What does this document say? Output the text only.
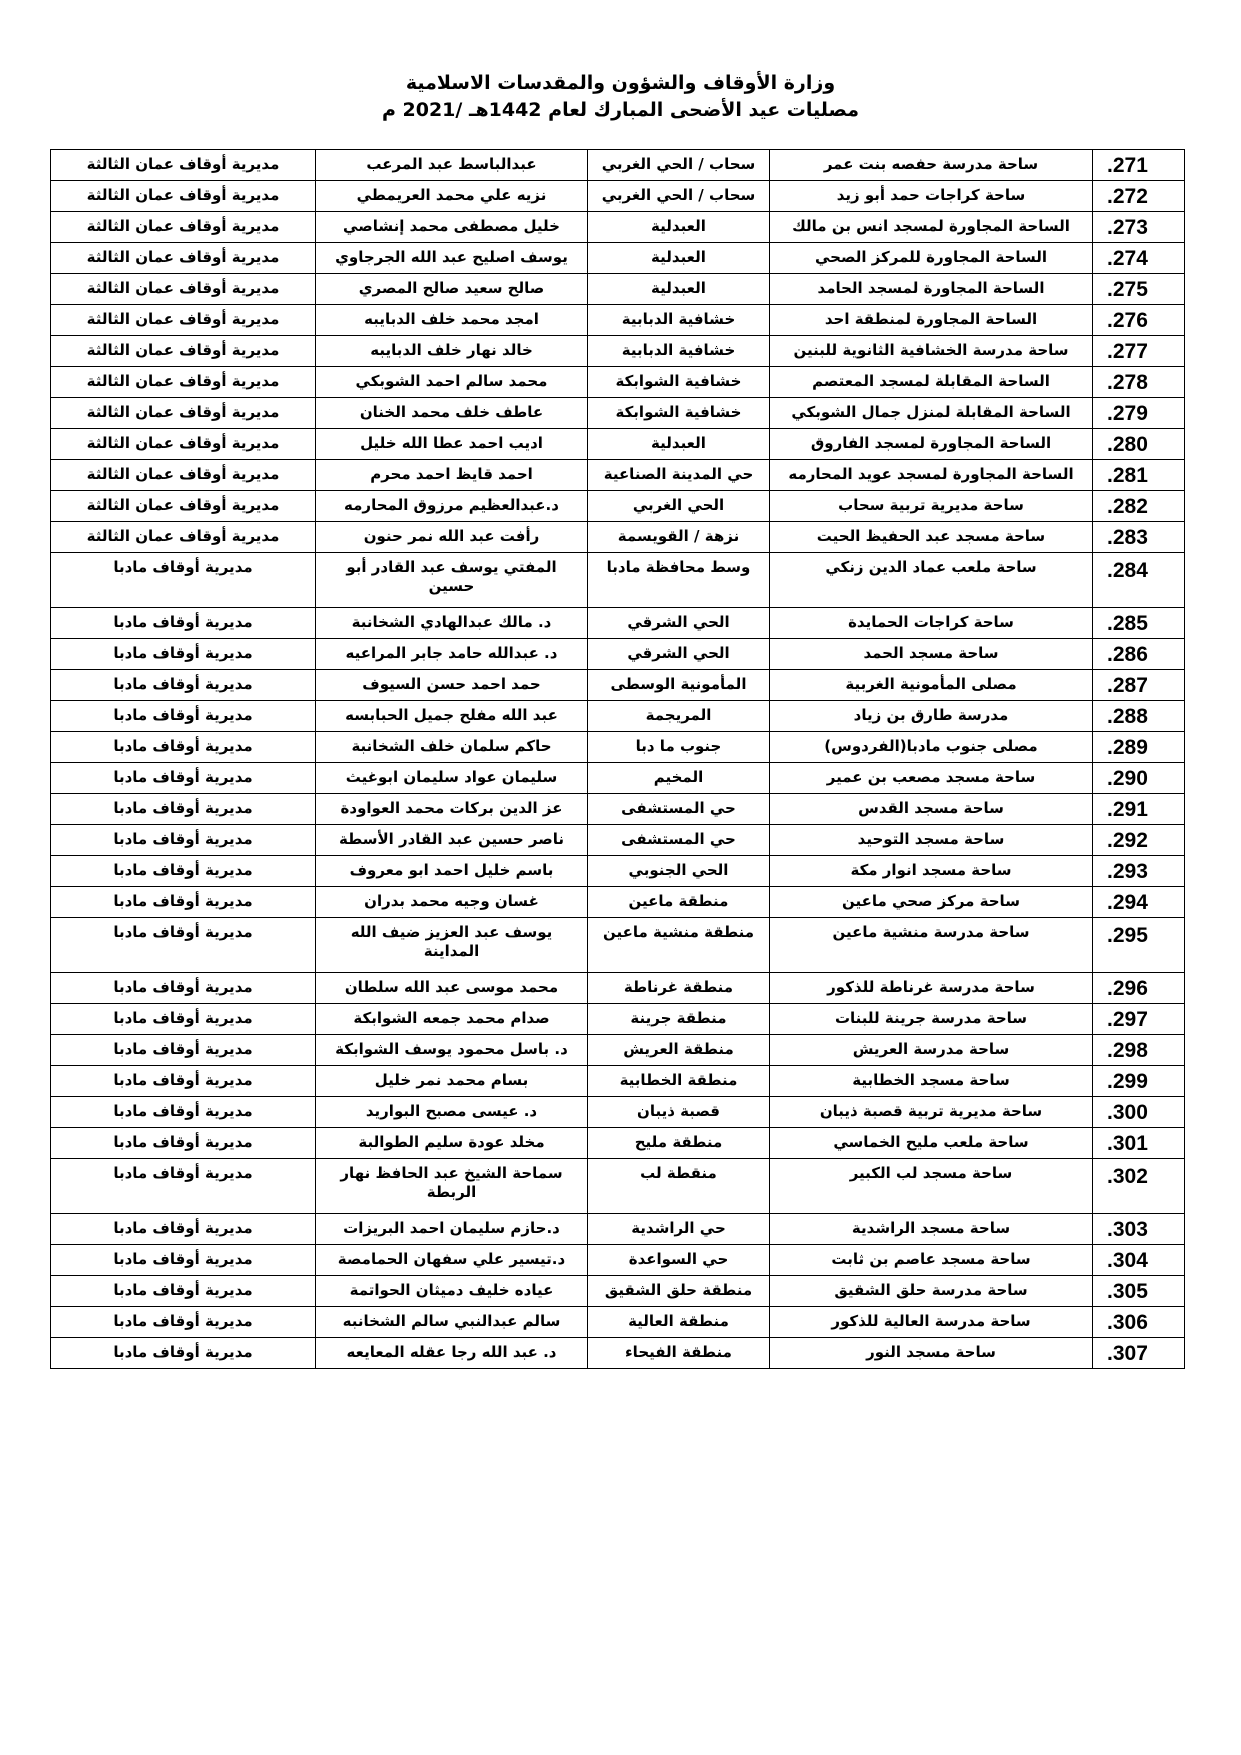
وزارة الأوقاف والشؤون والمقدسات الاسلامية
مصليات عيد الأضحى المبارك لعام 1442هـ /2021 م
.271	ساحة مدرسة حفصه بنت عمر	سحاب / الحي الغربي	عبدالباسط عبد المرعب	مديرية أوقاف عمان الثالثة
.272	ساحة كراجات حمد أبو زيد	سحاب / الحي الغربي	نزيه علي محمد العريمطي	مديرية أوقاف عمان الثالثة
.273	الساحة المجاورة لمسجد انس بن مالك	العبدلية	خليل مصطفى محمد إنشاصي	مديرية أوقاف عمان الثالثة
.274	الساحة المجاورة للمركز الصحي	العبدلية	يوسف اصليح عبد الله الجرجاوي	مديرية أوقاف عمان الثالثة
.275	الساحة المجاورة لمسجد الحامد	العبدلية	صالح سعيد صالح المصري	مديرية أوقاف عمان الثالثة
.276	الساحة المجاورة لمنطقة احد	خشافية الدبابية	امجد محمد خلف الدبايبه	مديرية أوقاف عمان الثالثة
.277	ساحة مدرسة الخشافية الثانوية للبنين	خشافية الدبابية	خالد نهار خلف الدبايبه	مديرية أوقاف عمان الثالثة
.278	الساحة المقابلة لمسجد المعتصم	خشافية الشوابكة	محمد سالم احمد الشوبكي	مديرية أوقاف عمان الثالثة
.279	الساحة المقابلة لمنزل جمال الشوبكي	خشافية الشوابكة	عاطف خلف محمد الخنان	مديرية أوقاف عمان الثالثة
.280	الساحة المجاورة لمسجد الفاروق	العبدلية	اديب احمد عطا الله خليل	مديرية أوقاف عمان الثالثة
.281	الساحة المجاورة لمسجد عويد المحارمه	حي المدينة الصناعية	احمد قايظ احمد محرم	مديرية أوقاف عمان الثالثة
.282	ساحة مديرية تربية سحاب	الحي الغربي	د.عبدالعظيم مرزوق المحارمه	مديرية أوقاف عمان الثالثة
.283	ساحة مسجد عبد الحفيظ الحيت	نزهة / القويسمة	رأفت عبد الله نمر حنون	مديرية أوقاف عمان الثالثة
.284	ساحة ملعب عماد الدين زنكي	وسط محافظة مادبا	المفتي يوسف عبد القادر أبو حسين	مديرية أوقاف مادبا
.285	ساحة كراجات الحمايدة	الحي الشرقي	د. مالك عبدالهادي الشخانبة	مديرية أوقاف مادبا
.286	ساحة مسجد الحمد	الحي الشرقي	د. عبدالله حامد جابر المراعيه	مديرية أوقاف مادبا
.287	مصلى المأمونية الغربية	المأمونية الوسطى	حمد احمد حسن السيوف	مديرية أوقاف مادبا
.288	مدرسة طارق بن زياد	المريجمة	عبد الله مفلح جميل الحبابسه	مديرية أوقاف مادبا
.289	مصلى جنوب مادبا(الفردوس)	جنوب ما دبا	حاكم سلمان خلف الشخانبة	مديرية أوقاف مادبا
.290	ساحة مسجد مصعب بن عمير	المخيم	سليمان عواد سليمان ابوغيث	مديرية أوقاف مادبا
.291	ساحة مسجد القدس	حي المستشفى	عز الدين بركات محمد العواودة	مديرية أوقاف مادبا
.292	ساحة مسجد التوحيد	حي المستشفى	ناصر حسين عبد القادر الأسطة	مديرية أوقاف مادبا
.293	ساحة مسجد انوار مكة	الحي الجنوبي	باسم خليل احمد ابو معروف	مديرية أوقاف مادبا
.294	ساحة مركز صحي ماعين	منطقة ماعين	غسان وجيه محمد بدران	مديرية أوقاف مادبا
.295	ساحة مدرسة منشية ماعين	منطقة منشية ماعين	يوسف عبد العزيز ضيف الله المداينة	مديرية أوقاف مادبا
.296	ساحة مدرسة غرناطة للذكور	منطقة غرناطة	محمد موسى عبد الله سلطان	مديرية أوقاف مادبا
.297	ساحة مدرسة جرينة للبنات	منطقة جرينة	صدام محمد جمعه الشوابكة	مديرية أوقاف مادبا
.298	ساحة مدرسة العريش	منطقة العريش	د. باسل محمود يوسف الشوابكة	مديرية أوقاف مادبا
.299	ساحة مسجد الخطابية	منطقة الخطابية	بسام محمد نمر خليل	مديرية أوقاف مادبا
.300	ساحة مديرية تربية قصبة ذيبان	قصبة ذيبان	د. عيسى مصبح البواريد	مديرية أوقاف مادبا
.301	ساحة ملعب مليح الخماسي	منطقة مليح	مخلد عودة سليم الطوالبة	مديرية أوقاف مادبا
.302	ساحة مسجد لب الكبير	منقطة لب	سماحة الشيخ عبد الحافظ نهار الربطة	مديرية أوقاف مادبا
.303	ساحة مسجد الراشدية	حي الراشدية	د.حازم سليمان احمد البريزات	مديرية أوقاف مادبا
.304	ساحة مسجد عاصم بن ثابت	حي السواعدة	د.تيسير علي سفهان الحمامصة	مديرية أوقاف مادبا
.305	ساحة مدرسة حلق الشقيق	منطقة حلق الشقيق	عياده خليف دميثان الحواتمة	مديرية أوقاف مادبا
.306	ساحة مدرسة العالية للذكور	منطقة العالية	سالم عبدالنبي سالم الشخانبه	مديرية أوقاف مادبا
.307	ساحة مسجد النور	منطقة الفيحاء	د. عبد الله رجا عقله المعايعه	مديرية أوقاف مادبا
